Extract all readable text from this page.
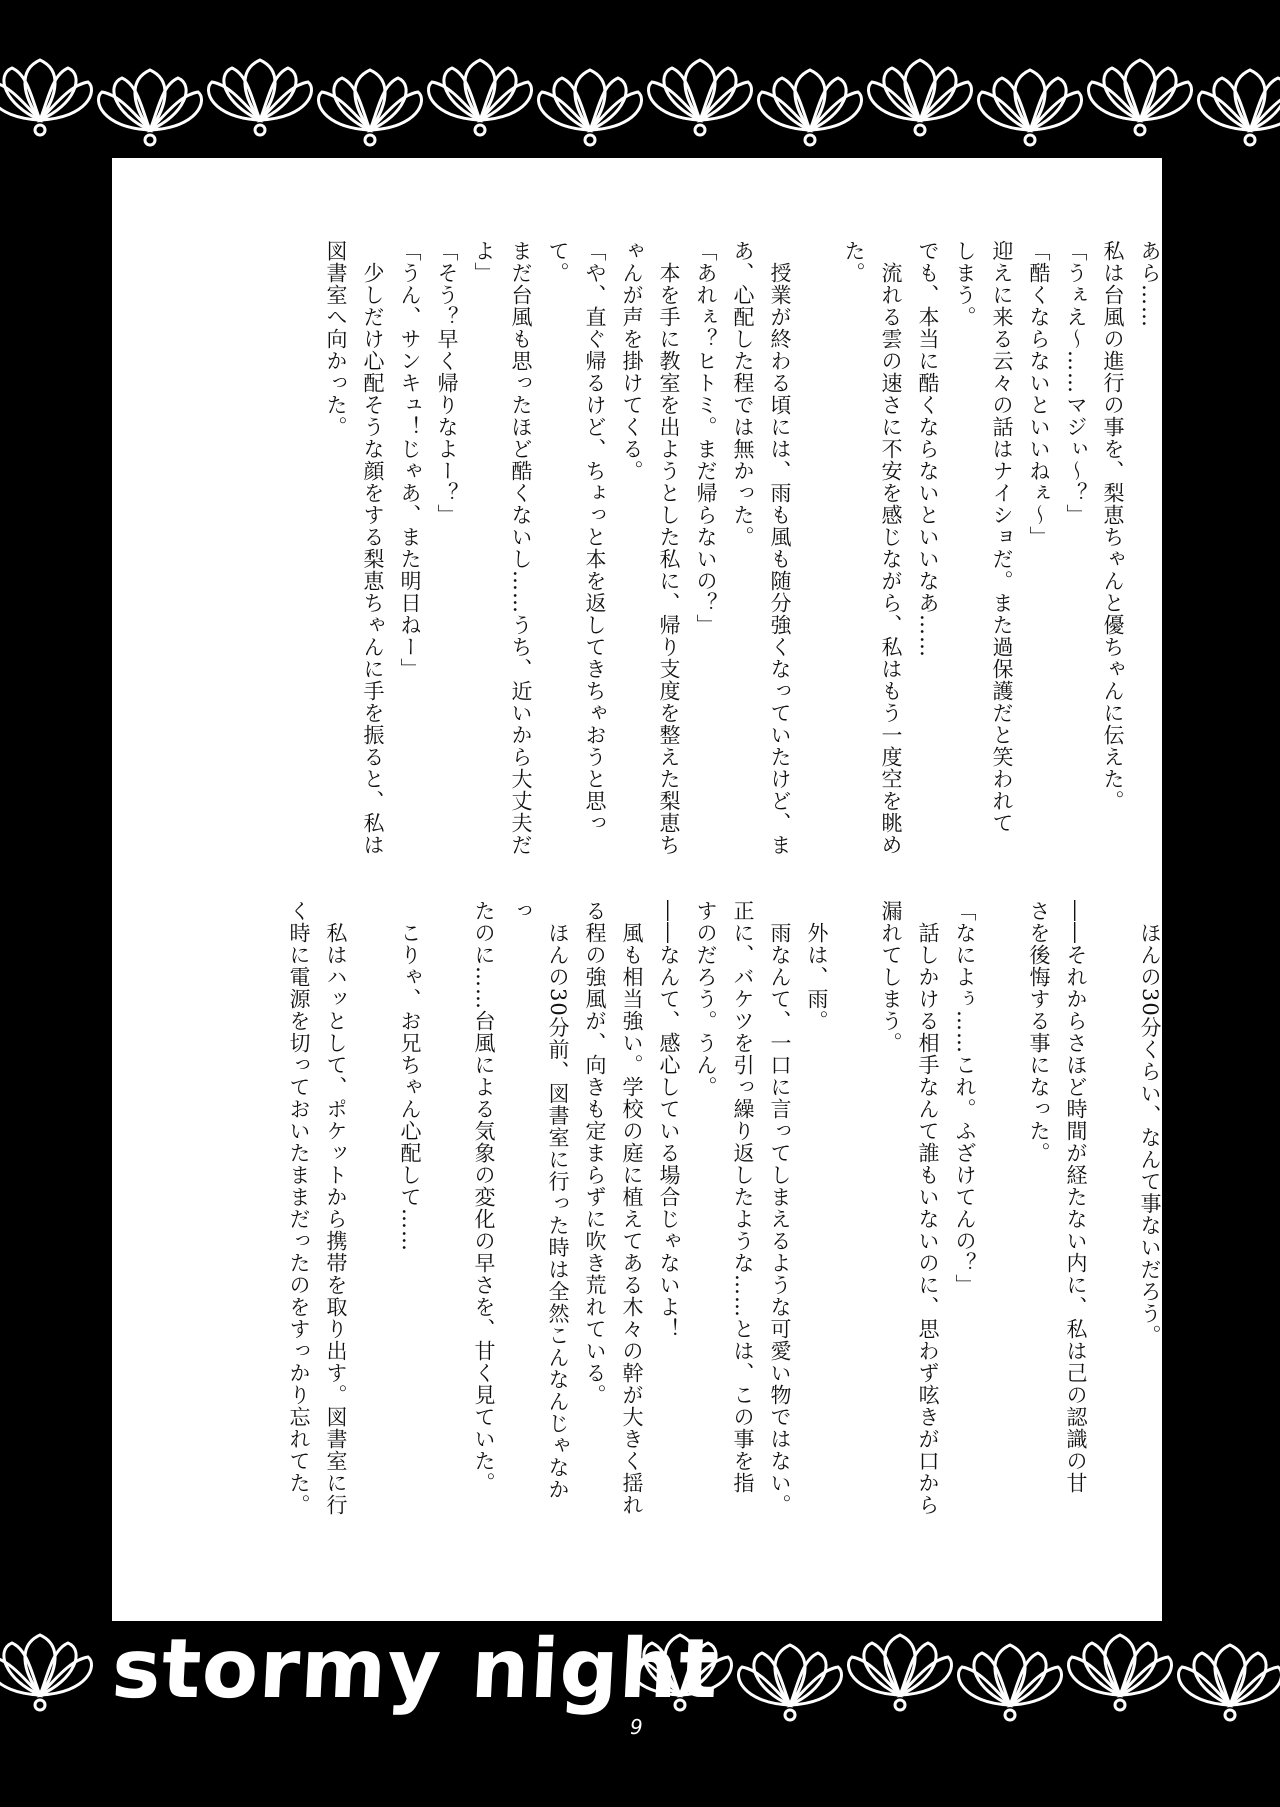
あら……

私は台風の進行の事を、梨恵ちゃんと優ちゃんに伝えた。

「うぇえ～……マジぃ～？」

「酷くならないといいねぇ～」

迎えに来る云々の話はナイショだ。また過保護だと笑われて

しまう。

でも、本当に酷くならないといいなあ……

　流れる雲の速さに不安を感じながら、私はもう一度空を眺め

た。

　授業が終わる頃には、雨も風も随分強くなっていたけど、ま

あ、心配した程では無かった。

「あれぇ？ヒトミ。まだ帰らないの？」

　本を手に教室を出ようとした私に、帰り支度を整えた梨恵ち

ゃんが声を掛けてくる。

「や、直ぐ帰るけど、ちょっと本を返してきちゃおうと思って。

まだ台風も思ったほど酷くないし……うち、近いから大丈夫だ

よ」

「そう？早く帰りなよー？」

「うん、サンキュ！じゃあ、また明日ねー」

　少しだけ心配そうな顔をする梨恵ちゃんに手を振ると、私は

図書室へ向かった。

　ほんの30分くらい、なんて事ないだろう。

――それからさほど時間が経たない内に、私は己の認識の甘

さを後悔する事になった。

「なによぅ……これ。ふざけてんの？」

　話しかける相手なんて誰もいないのに、思わず呟きが口から

漏れてしまう。

　外は、雨。

　雨なんて、一口に言ってしまえるような可愛い物ではない。

正に、バケツを引っ繰り返したような……とは、この事を指

すのだろう。うん。

――なんて、感心している場合じゃないよ！

　風も相当強い。学校の庭に植えてある木々の幹が大きく揺れ

る程の強風が、向きも定まらずに吹き荒れている。

　ほんの30分前、図書室に行った時は全然こんなんじゃなかっ

たのに……台風による気象の変化の早さを、甘く見ていた。

　こりゃ、お兄ちゃん心配して……

　私はハッとして、ポケットから携帯を取り出す。図書室に行

く時に電源を切っておいたままだったのをすっかり忘れてた。

stormy night
9
